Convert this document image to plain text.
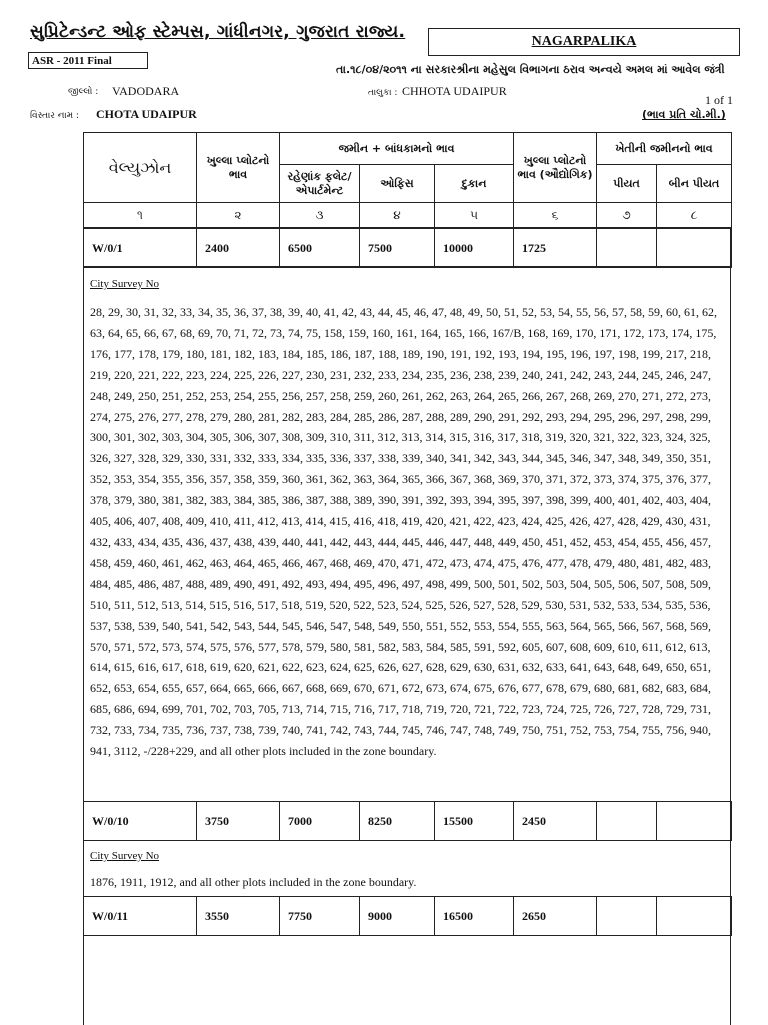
સુપ્રિટેન્ડન્ટ ઓફ સ્ટેમ્પસ, ગાંધીનગર, ગુજરાત રાજ્ય.	NAGARPALIKA
ASR - 2011 Final
તા.૧૮/૦૪/૨૦૧૧ ના સરકારશ્રીના મહેસુલ વિભાગના ઠરાવ અન્વયે અમલ માં આવેલ જંત્રી
જીલ્લો : VADODARA	તાલુકા : CHHOTA UDAIPUR
1 of 1
વિસ્તાર નામ : CHOTA UDAIPUR	(ભાવ પ્રતિ ચો.મી.)
વેલ્યુઝોન	ખુલ્લા પ્લોટનો ભાવ	જમીન + બાંધકામનો ભાવ			ખુલ્લા પ્લોટનો ભાવ (ઔદ્યોગિક)	ખેતીની જમીનનો ભાવ	
		રહેણાંક ફલેટ/ એપાર્ટમેન્ટ	ઓફિસ	દુકાન		પીયત	બીન પીયત
૧	૨	૩	૪	૫	૬	૭	૮
W/0/1	2400	6500	7500	10000	1725		
City Survey No
28, 29, 30, 31, 32, 33, 34, 35, 36, 37, 38, 39, 40, 41, 42, 43, 44, 45, 46, 47, 48, 49, 50, 51, 52, 53, 54, 55, 56, 57, 58, 59, 60, 61, 62, 63, 64, 65, 66, 67, 68, 69, 70, 71, 72, 73, 74, 75, 158, 159, 160, 161, 164, 165, 166, 167/B, 168, 169, 170, 171, 172, 173, 174, 175, 176, 177, 178, 179, 180, 181, 182, 183, 184, 185, 186, 187, 188, 189, 190, 191, 192, 193, 194, 195, 196, 197, 198, 199, 217, 218, 219, 220, 221, 222, 223, 224, 225, 226, 227, 230, 231, 232, 233, 234, 235, 236, 238, 239, 240, 241, 242, 243, 244, 245, 246, 247, 248, 249, 250, 251, 252, 253, 254, 255, 256, 257, 258, 259, 260, 261, 262, 263, 264, 265, 266, 267, 268, 269, 270, 271, 272, 273, 274, 275, 276, 277, 278, 279, 280, 281, 282, 283, 284, 285, 286, 287, 288, 289, 290, 291, 292, 293, 294, 295, 296, 297, 298, 299, 300, 301, 302, 303, 304, 305, 306, 307, 308, 309, 310, 311, 312, 313, 314, 315, 316, 317, 318, 319, 320, 321, 322, 323, 324, 325, 326, 327, 328, 329, 330, 331, 332, 333, 334, 335, 336, 337, 338, 339, 340, 341, 342, 343, 344, 345, 346, 347, 348, 349, 350, 351, 352, 353, 354, 355, 356, 357, 358, 359, 360, 361, 362, 363, 364, 365, 366, 367, 368, 369, 370, 371, 372, 373, 374, 375, 376, 377, 378, 379, 380, 381, 382, 383, 384, 385, 386, 387, 388, 389, 390, 391, 392, 393, 394, 395, 397, 398, 399, 400, 401, 402, 403, 404, 405, 406, 407, 408, 409, 410, 411, 412, 413, 414, 415, 416, 418, 419, 420, 421, 422, 423, 424, 425, 426, 427, 428, 429, 430, 431, 432, 433, 434, 435, 436, 437, 438, 439, 440, 441, 442, 443, 444, 445, 446, 447, 448, 449, 450, 451, 452, 453, 454, 455, 456, 457, 458, 459, 460, 461, 462, 463, 464, 465, 466, 467, 468, 469, 470, 471, 472, 473, 474, 475, 476, 477, 478, 479, 480, 481, 482, 483, 484, 485, 486, 487, 488, 489, 490, 491, 492, 493, 494, 495, 496, 497, 498, 499, 500, 501, 502, 503, 504, 505, 506, 507, 508, 509, 510, 511, 512, 513, 514, 515, 516, 517, 518, 519, 520, 522, 523, 524, 525, 526, 527, 528, 529, 530, 531, 532, 533, 534, 535, 536, 537, 538, 539, 540, 541, 542, 543, 544, 545, 546, 547, 548, 549, 550, 551, 552, 553, 554, 555, 563, 564, 565, 566, 567, 568, 569, 570, 571, 572, 573, 574, 575, 576, 577, 578, 579, 580, 581, 582, 583, 584, 585, 591, 592, 605, 607, 608, 609, 610, 611, 612, 613, 614, 615, 616, 617, 618, 619, 620, 621, 622, 623, 624, 625, 626, 627, 628, 629, 630, 631, 632, 633, 641, 643, 648, 649, 650, 651, 652, 653, 654, 655, 657, 664, 665, 666, 667, 668, 669, 670, 671, 672, 673, 674, 675, 676, 677, 678, 679, 680, 681, 682, 683, 684, 685, 686, 694, 699, 701, 702, 703, 705, 713, 714, 715, 716, 717, 718, 719, 720, 721, 722, 723, 724, 725, 726, 727, 728, 729, 731, 732, 733, 734, 735, 736, 737, 738, 739, 740, 741, 742, 743, 744, 745, 746, 747, 748, 749, 750, 751, 752, 753, 754, 755, 756, 940, 941, 3112, -/228+229, and all other plots included in the zone boundary.
W/0/10	3750	7000	8250	15500	2450		
City Survey No
1876, 1911, 1912, and all other plots included in the zone boundary.
W/0/11	3550	7750	9000	16500	2650		
